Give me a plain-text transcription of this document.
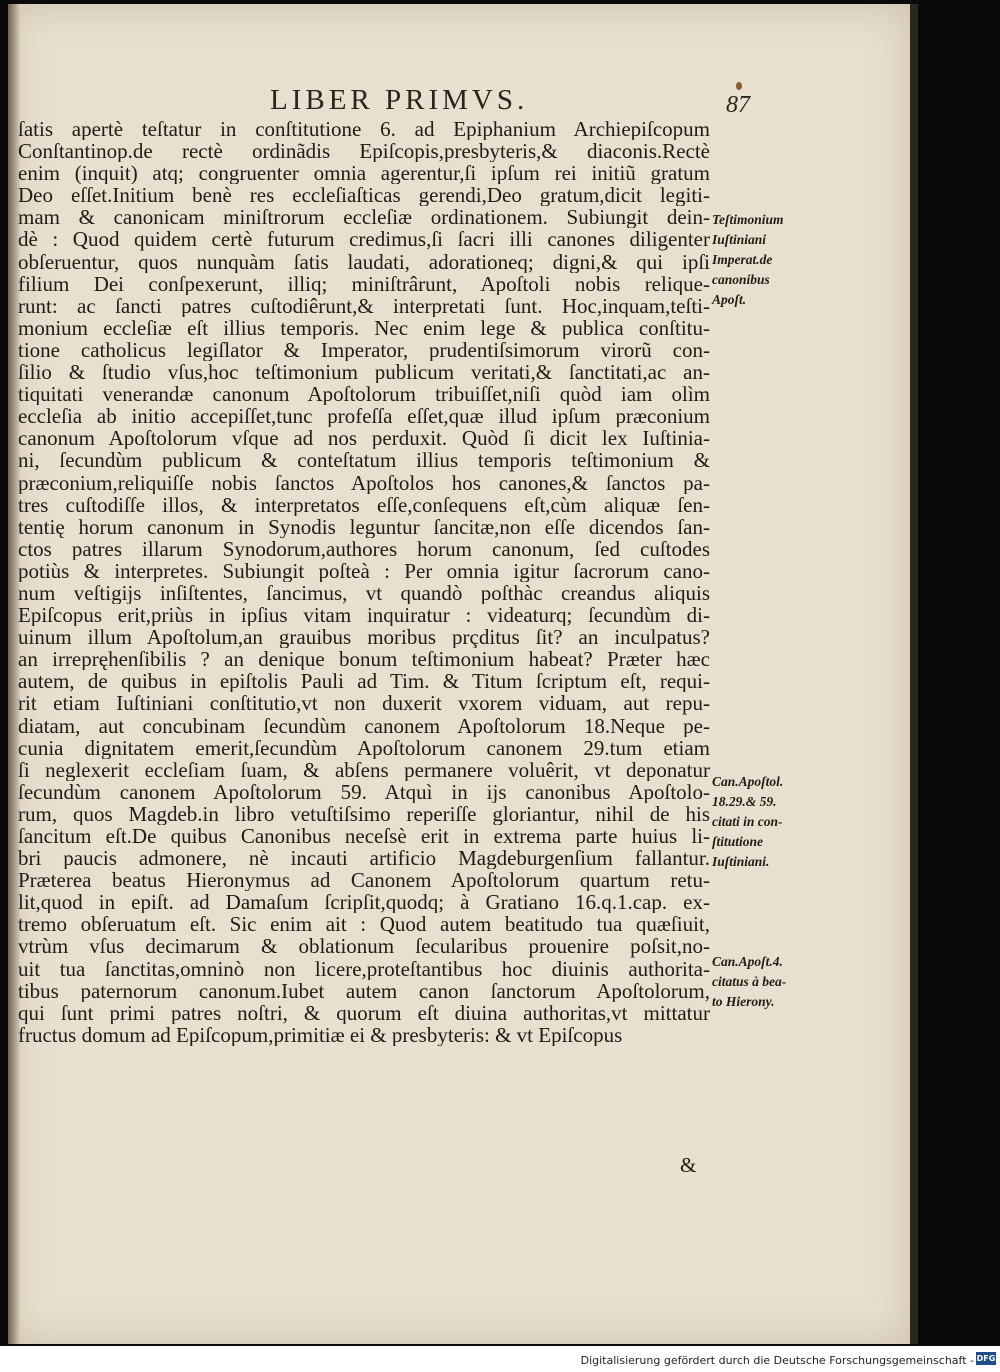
LIBER PRIMVS.	87
ſatis apertè teſtatur in conſtitutione 6. ad Epiphanium Archiepiſcopum
Conſtantinop.de rectè ordinãdis Epiſcopis,presbyteris,& diaconis.Rectè
enim (inquit) atq; congruenter omnia agerentur,ſi ipſum rei initiũ gratum
Deo eſſet.Initium benè res eccleſiaſticas gerendi,Deo gratum,dicit legiti-
mam & canonicam miniſtrorum eccleſiæ ordinationem. Subiungit dein-
dè : Quod quidem certè futurum credimus,ſi ſacri illi canones diligenter
obſeruentur, quos nunquàm ſatis laudati, adorationeq; digni,& qui ipſi
filium Dei conſpexerunt, illiq; miniſtrârunt, Apoſtoli nobis relique-
runt: ac ſancti patres cuſtodiêrunt,& interpretati ſunt. Hoc,inquam,teſti-
monium eccleſiæ eſt illius temporis. Nec enim lege & publica conſtitu-
tione catholicus legiſlator & Imperator, prudentiſsimorum virorũ con-
ſilio & ſtudio vſus,hoc teſtimonium publicum veritati,& ſanctitati,ac an-
tiquitati venerandæ canonum Apoſtolorum tribuiſſet,niſi quòd iam olìm
eccleſia ab initio accepiſſet,tunc profeſſa eſſet,quæ illud ipſum præconium
canonum Apoſtolorum vſque ad nos perduxit. Quòd ſi dicit lex Iuſtinia-
ni, ſecundùm publicum & conteſtatum illius temporis teſtimonium &
præconium,reliquiſſe nobis ſanctos Apoſtolos hos canones,& ſanctos pa-
tres cuſtodiſſe illos, & interpretatos eſſe,conſequens eſt,cùm aliquæ ſen-
tentię horum canonum in Synodis leguntur ſancitæ,non eſſe dicendos ſan-
ctos patres illarum Synodorum,authores horum canonum, ſed cuſtodes
potiùs & interpretes. Subiungit poſteà : Per omnia igitur ſacrorum cano-
num veſtigijs inſiſtentes, ſancimus, vt quandò poſthàc creandus aliquis
Epiſcopus erit,priùs in ipſius vitam inquiratur : videaturq; ſecundùm di-
uinum illum Apoſtolum,an grauibus moribus prçditus ſit? an inculpatus?
an irrepręhenſibilis ? an denique bonum teſtimonium habeat? Præter hæc
autem, de quibus in epiſtolis Pauli ad Tim. & Titum ſcriptum eſt, requi-
rit etiam Iuſtiniani conſtitutio,vt non duxerit vxorem viduam, aut repu-
diatam, aut concubinam ſecundùm canonem Apoſtolorum 18.Neque pe-
cunia dignitatem emerit,ſecundùm Apoſtolorum canonem 29.tum etiam
ſi neglexerit eccleſiam ſuam, & abſens permanere voluêrit, vt deponatur
ſecundùm canonem Apoſtolorum 59. Atquì in ijs canonibus Apoſtolo-
rum, quos Magdeb.in libro vetuſtiſsimo reperiſſe gloriantur, nihil de his
ſancitum eſt.De quibus Canonibus neceſsè erit in extrema parte huius li-
bri paucis admonere, nè incauti artificio Magdeburgenſium fallantur.
Præterea beatus Hieronymus ad Canonem Apoſtolorum quartum retu-
lit,quod in epiſt. ad Damaſum ſcripſit,quodq; à Gratiano 16.q.1.cap. ex-
tremo obſeruatum eſt. Sic enim ait : Quod autem beatitudo tua quæſiuit,
vtrùm vſus decimarum & oblationum ſecularibus prouenire poſsit,no-
uit tua ſanctitas,omninò non licere,proteſtantibus hoc diuinis authorita-
tibus paternorum canonum.Iubet autem canon ſanctorum Apoſtolorum,
qui ſunt primi patres noſtri, & quorum eſt diuina authoritas,vt mittatur
fructus domum ad Epiſcopum,primitiæ ei & presbyteris: & vt Epiſcopus
&
Teſtimonium
Iuſtiniani
Imperat.de
canonibus
Apoſt.
Can.Apoſtol.
18.29.& 59.
citati in con-
ſtitutione
Iuſtiniani.
Can.Apoſt.4.
citatus à bea-
to Hierony.
Digitalisierung gefördert durch die Deutsche Forschungsgemeinschaft - DFG
